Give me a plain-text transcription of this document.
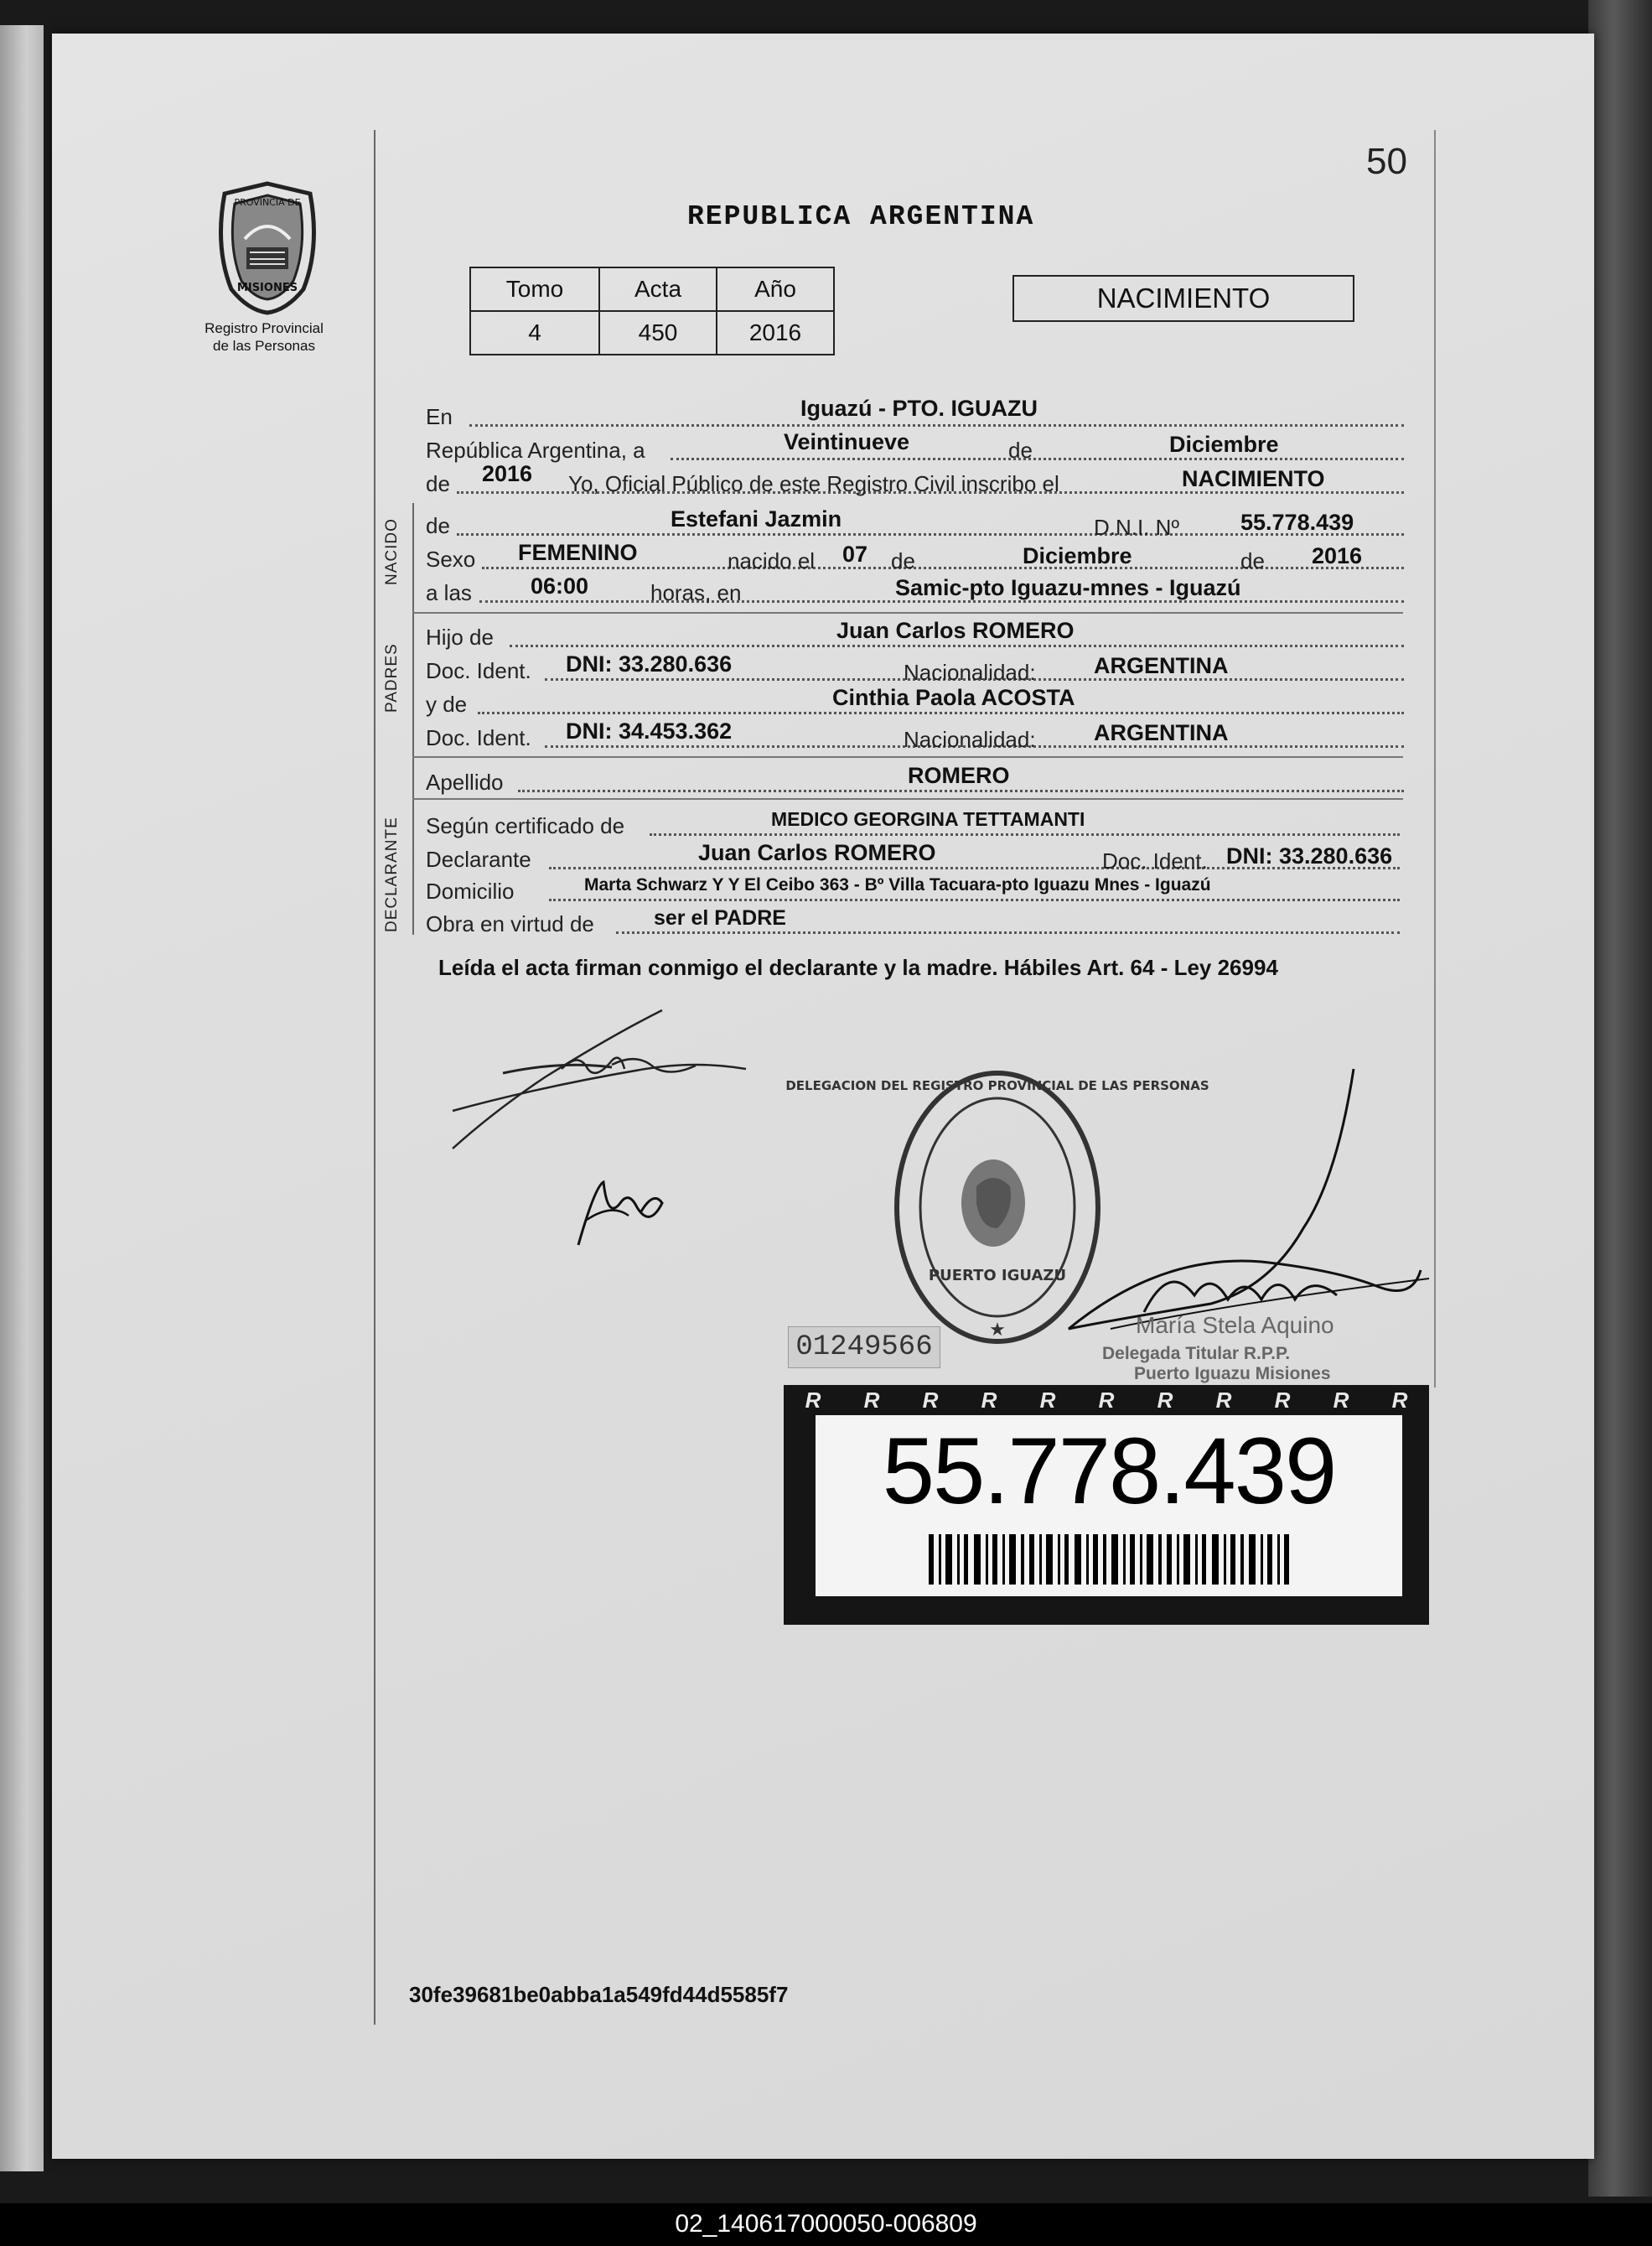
50
PROVINCIA DE
MISIONES
Registro Provincial
de las Personas
REPUBLICA ARGENTINA
Tomo	Acta	Año
4	450	2016
NACIMIENTO
En	Iguazú - PTO. IGUAZU
República Argentina, a	Veintinueve	de	Diciembre
de 2016 Yo, Oficial Público de este Registro Civil inscribo el	NACIMIENTO
NACIDO
PADRES
DECLARANTE
de	Estefani Jazmin	D.N.I. Nº	55.778.439
Sexo FEMENINO	nacido el 07 de	Diciembre	de 2016
a las	06:00	horas, en	Samic-pto Iguazu-mnes - Iguazú
Hijo de	Juan Carlos ROMERO
Doc. Ident. DNI: 33.280.636	Nacionalidad:	ARGENTINA
y de	Cinthia Paola ACOSTA
Doc. Ident. DNI: 34.453.362	Nacionalidad:	ARGENTINA
Apellido	ROMERO
Según certificado de	MEDICO GEORGINA TETTAMANTI
Declarante	Juan Carlos ROMERO	Doc. Ident. DNI: 33.280.636
Domicilio	Marta Schwarz Y Y El Ceibo 363 - Bº Villa Tacuara-pto Iguazu Mnes - Iguazú
Obra en virtud de	ser el PADRE
Leída el acta firman conmigo el declarante y la madre. Hábiles Art. 64 - Ley 26994
DELEGACION DEL REGISTRO PROVINCIAL DE LAS PERSONAS
PUERTO IGUAZU
★	María Stela Aquino
Delegada Titular R.P.P.
Puerto Iguazu Misiones
01249566
R	R	R	R	R	R	R	R	R	R	R
55.778.439
30fe39681be0abba1a549fd44d5585f7
02_140617000050-006809
